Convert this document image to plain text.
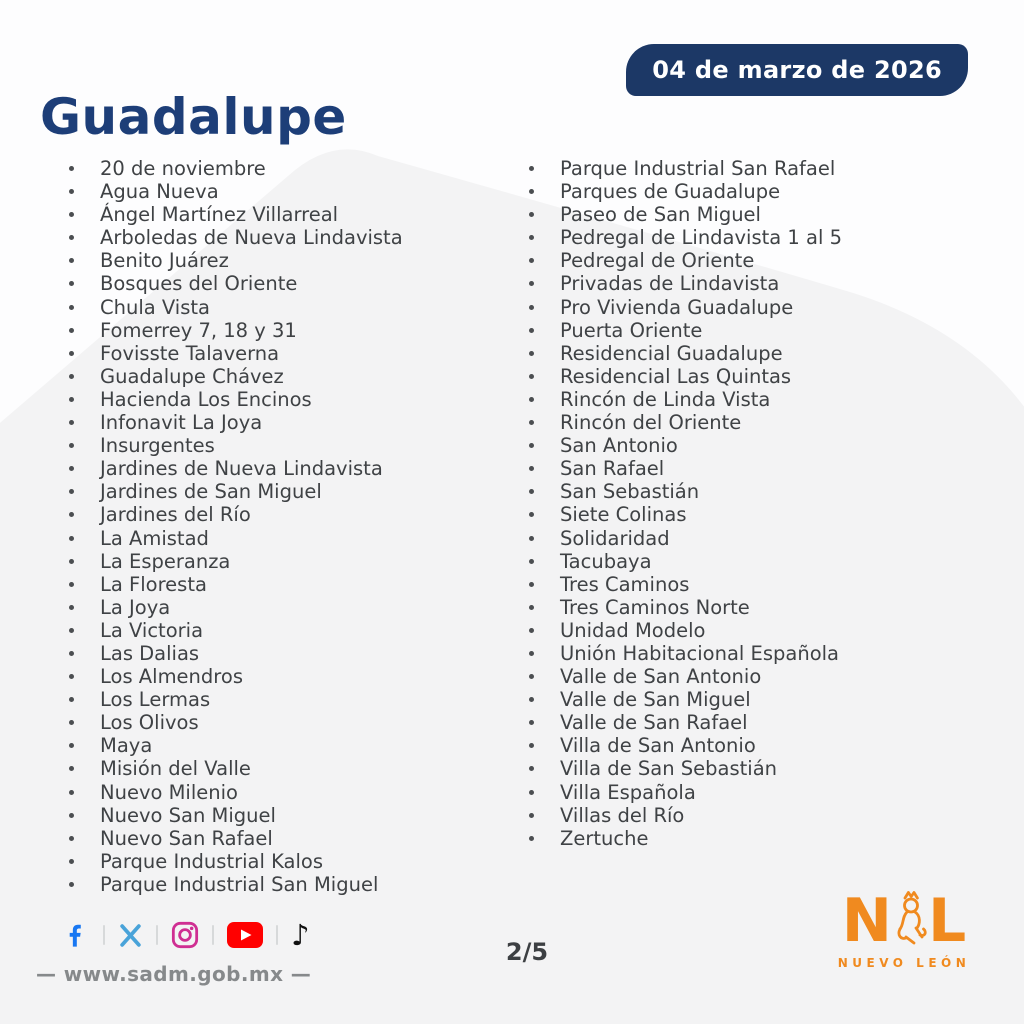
04 de marzo de 2026
Guadalupe
20 de noviembre
Agua Nueva
Ángel Martínez Villarreal
Arboledas de Nueva Lindavista
Benito Juárez
Bosques del Oriente
Chula Vista
Fomerrey 7, 18 y 31
Fovisste Talaverna
Guadalupe Chávez
Hacienda Los Encinos
Infonavit La Joya
Insurgentes
Jardines de Nueva Lindavista
Jardines de San Miguel
Jardines del Río
La Amistad
La Esperanza
La Floresta
La Joya
La Victoria
Las Dalias
Los Almendros
Los Lermas
Los Olivos
Maya
Misión del Valle
Nuevo Milenio
Nuevo San Miguel
Nuevo San Rafael
Parque Industrial Kalos
Parque Industrial San Miguel
Parque Industrial San Rafael
Parques de Guadalupe
Paseo de San Miguel
Pedregal de Lindavista 1 al 5
Pedregal de Oriente
Privadas de Lindavista
Pro Vivienda Guadalupe
Puerta Oriente
Residencial Guadalupe
Residencial Las Quintas
Rincón de Linda Vista
Rincón del Oriente
San Antonio
San Rafael
San Sebastián
Siete Colinas
Solidaridad
Tacubaya
Tres Caminos
Tres Caminos Norte
Unidad Modelo
Unión Habitacional Española
Valle de San Antonio
Valle de San Miguel
Valle de San Rafael
Villa de San Antonio
Villa de San Sebastián
Villa Española
Villas del Río
Zertuche
♪
— www.sadm.gob.mx —
2/5	N L
NUEVO LEÓN
